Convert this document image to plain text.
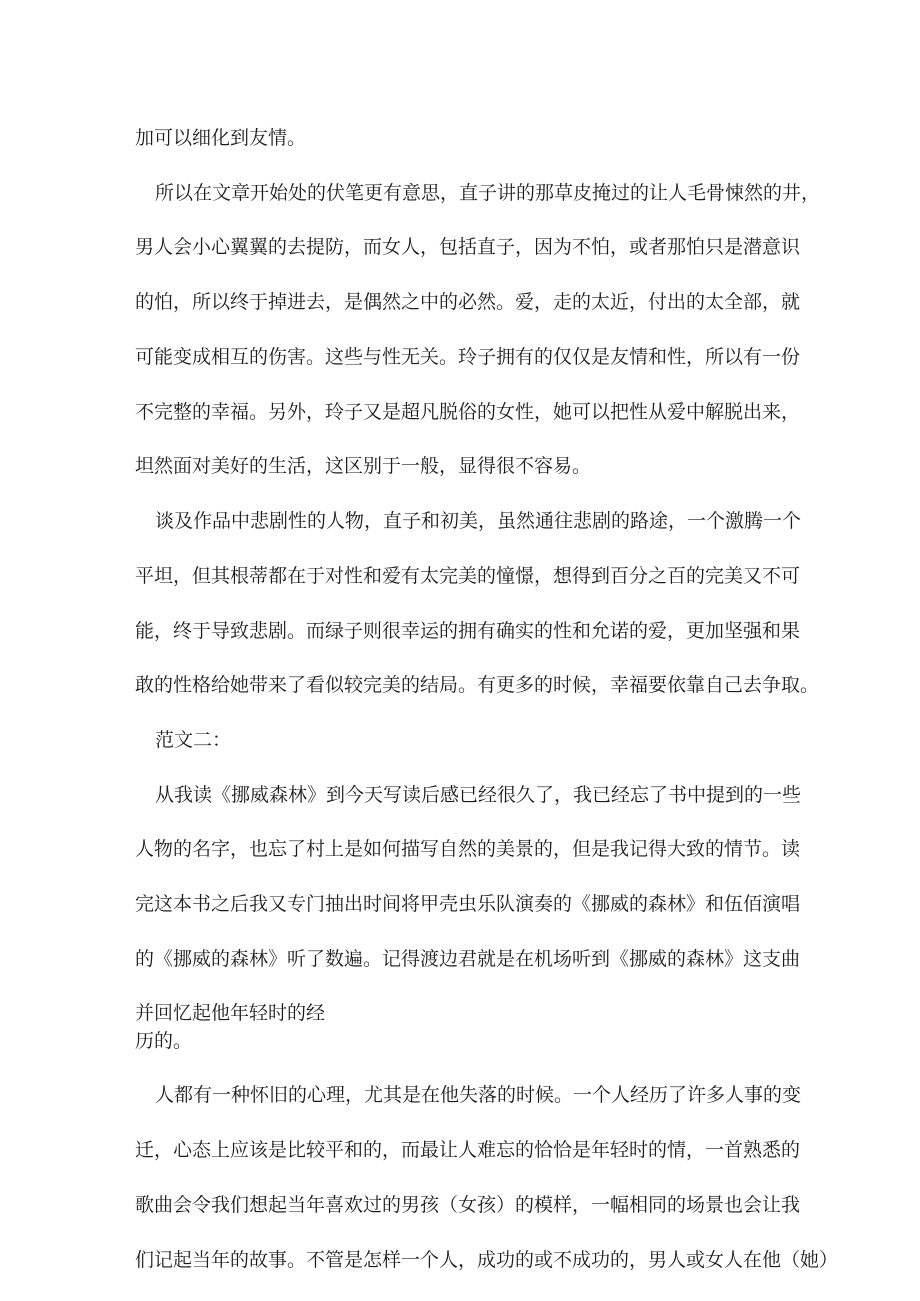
加可以细化到友情。
所以在文章开始处的伏笔更有意思，直子讲的那草皮掩过的让人毛骨悚然的井，
男人会小心翼翼的去提防，而女人，包括直子，因为不怕，或者那怕只是潜意识
的怕，所以终于掉进去，是偶然之中的必然。爱，走的太近，付出的太全部，就
可能变成相互的伤害。这些与性无关。玲子拥有的仅仅是友情和性，所以有一份
不完整的幸福。另外，玲子又是超凡脱俗的女性，她可以把性从爱中解脱出来，
坦然面对美好的生活，这区别于一般，显得很不容易。
谈及作品中悲剧性的人物，直子和初美，虽然通往悲剧的路途，一个激腾一个
平坦，但其根蒂都在于对性和爱有太完美的憧憬，想得到百分之百的完美又不可
能，终于导致悲剧。而绿子则很幸运的拥有确实的性和允诺的爱，更加坚强和果
敢的性格给她带来了看似较完美的结局。有更多的时候，幸福要依靠自己去争取。
范文二：
从我读《挪威森林》到今天写读后感已经很久了，我已经忘了书中提到的一些
人物的名字，也忘了村上是如何描写自然的美景的，但是我记得大致的情节。读
完这本书之后我又专门抽出时间将甲壳虫乐队演奏的《挪威的森林》和伍佰演唱
的《挪威的森林》听了数遍。记得渡边君就是在机场听到《挪威的森林》这支曲
并回忆起他年轻时的经
历的。
人都有一种怀旧的心理，尤其是在他失落的时候。一个人经历了许多人事的变
迁，心态上应该是比较平和的，而最让人难忘的恰恰是年轻时的情，一首熟悉的
歌曲会令我们想起当年喜欢过的男孩（女孩）的模样，一幅相同的场景也会让我
们记起当年的故事。不管是怎样一个人，成功的或不成功的，男人或女人在他（她）
